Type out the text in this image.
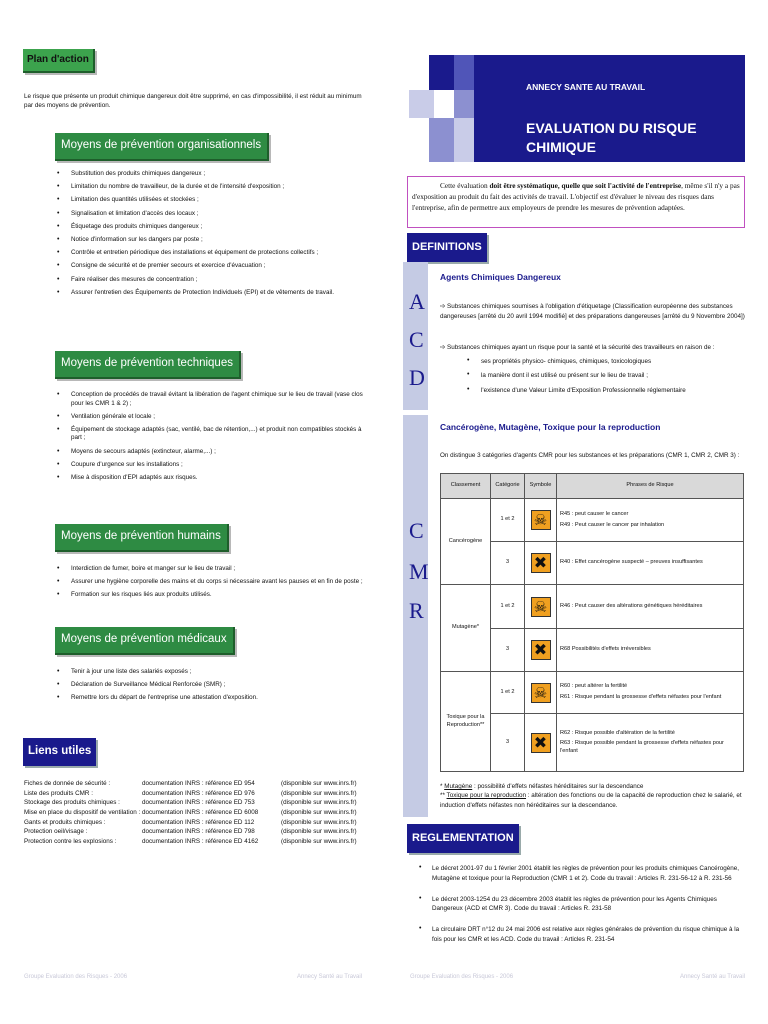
Plan d'action
Le risque que présente un produit chimique dangereux doit être supprimé, en cas d'impossibilité, il est réduit au minimum par des moyens de prévention.
Moyens de prévention organisationnels
• Substitution des produits chimiques dangereux ;
• Limitation du nombre de travailleur, de la durée et de l'intensité d'exposition ;
• Limitation des quantités utilisées et stockées ;
• Signalisation et limitation d'accès des locaux ;
• Étiquetage des produits chimiques dangereux ;
• Notice d'information sur les dangers par poste ;
• Contrôle et entretien périodique des installations et équipement de protections collectifs ;
• Consigne de sécurité et de premier secours et exercice d'évacuation ;
• Faire réaliser des mesures de concentration ;
• Assurer l'entretien des Équipements de Protection Individuels (EPI) et de vêtements de travail.
Moyens de prévention techniques
• Conception de procédés de travail évitant la libération de l'agent chimique sur le lieu de travail (vase clos pour les CMR 1 & 2) ;
• Ventilation générale et locale ;
• Équipement de stockage adaptés (sac, ventilé, bac de rétention,...) et produit non compatibles stockés à part ;
• Moyens de secours adaptés (extincteur, alarme,...) ;
• Coupure d'urgence sur les installations ;
• Mise à disposition d'EPI adaptés aux risques.
Moyens de prévention humains
• Interdiction de fumer, boire et manger sur le lieu de travail ;
• Assurer une hygiène corporelle des mains et du corps si nécessaire avant les pauses et en fin de poste ;
• Formation sur les risques liés aux produits utilisés.
Moyens de prévention médicaux
• Tenir à jour une liste des salariés exposés ;
• Déclaration de Surveillance Médical Renforcée (SMR) ;
• Remettre lors du départ de l'entreprise une attestation d'exposition.
Liens utiles
Fiches de donnée de sécurité :	documentation INRS : référence ED 954	(disponible sur www.inrs.fr)
Liste des produits CMR :	documentation INRS : référence ED 976	(disponible sur www.inrs.fr)
Stockage des produits chimiques :	documentation INRS : référence ED 753	(disponible sur www.inrs.fr)
Mise en place du dispositif de ventilation : documentation INRS : référence ED 6008	(disponible sur www.inrs.fr)
Gants et produits chimiques :	documentation INRS : référence ED 112	(disponible sur www.inrs.fr)
Protection oeil/visage :	documentation INRS : référence ED 798	(disponible sur www.inrs.fr)
Protection contre les explosions :	documentation INRS : référence ED 4162	(disponible sur www.inrs.fr)
Groupe Evaluation des Risques - 2006	Annecy Santé au Travail
ANNECY SANTE AU TRAVAIL
EVALUATION DU RISQUE CHIMIQUE
Cette évaluation doit être systématique, quelle que soit l'activité de l'entreprise, même s'il n'y a pas d'exposition au produit du fait des activités de travail. L'objectif est d'évaluer le niveau des risques dans l'entreprise, afin de permettre aux employeurs de prendre les mesures de prévention adaptées.
DEFINITIONS
A
C
D
Agents Chimiques Dangereux
➩ Substances chimiques soumises à l'obligation d'étiquetage (Classification européenne des substances dangereuses [arrêté du 20 avril 1994 modifié] et des préparations dangereuses [arrêté du 9 Novembre 2004])
➩ Substances chimiques ayant un risque pour la santé et la sécurité des travailleurs en raison de :
• ses propriétés physico- chimiques, chimiques, toxicologiques
• la manière dont il est utilisé ou présent sur le lieu de travail ;
• l'existence d'une Valeur Limite d'Exposition Professionnelle réglementaire
C
M
R
Cancérogène, Mutagène, Toxique pour la reproduction
On distingue 3 catégories d'agents CMR pour les substances et les préparations (CMR 1, CMR 2, CMR 3) :
Classement	Catégorie	Symbole	Phrases de Risque
Cancérogène	1 et 2	☠	R45 : peut causer le cancer
R49 : Peut causer le cancer par inhalation

	3	✖	R40 : Effet cancérogène suspecté – preuves insuffisantes

Mutagène*	1 et 2	☠	R46 : Peut causer des altérations génétiques héréditaires

	3	✖	R68 Possibilités d'effets irréversibles

Toxique pour la Reproduction**	1 et 2	☠	R60 : peut altérer la fertilité
R61 : Risque pendant la grossesse d'effets néfastes pour l'enfant

	3	✖	R62 : Risque possible d'altération de la fertilité
R63 : Risque possible pendant la grossesse d'effets néfastes pour l'enfant
* Mutagène : possibilité d'effets néfastes héréditaires sur la descendance
** Toxique pour la reproduction : altération des fonctions ou de la capacité de reproduction chez le salarié, et induction d'effets néfastes non héréditaires sur la descendance.
REGLEMENTATION
• Le décret 2001-97 du 1 février 2001 établit les règles de prévention pour les produits chimiques Cancérogène, Mutagène et toxique pour la Reproduction (CMR 1 et 2). Code du travail : Articles R. 231-56-12 à R. 231-56
• Le décret 2003-1254 du 23 décembre 2003 établit les règles de prévention pour les Agents Chimiques Dangereux (ACD et CMR 3). Code du travail : Articles R. 231-58
• La circulaire DRT n°12 du 24 mai 2006 est relative aux règles générales de prévention du risque chimique à la fois pour les CMR et les ACD. Code du travail : Articles R. 231-54
Groupe Evaluation des Risques - 2006	Annecy Santé au Travail
